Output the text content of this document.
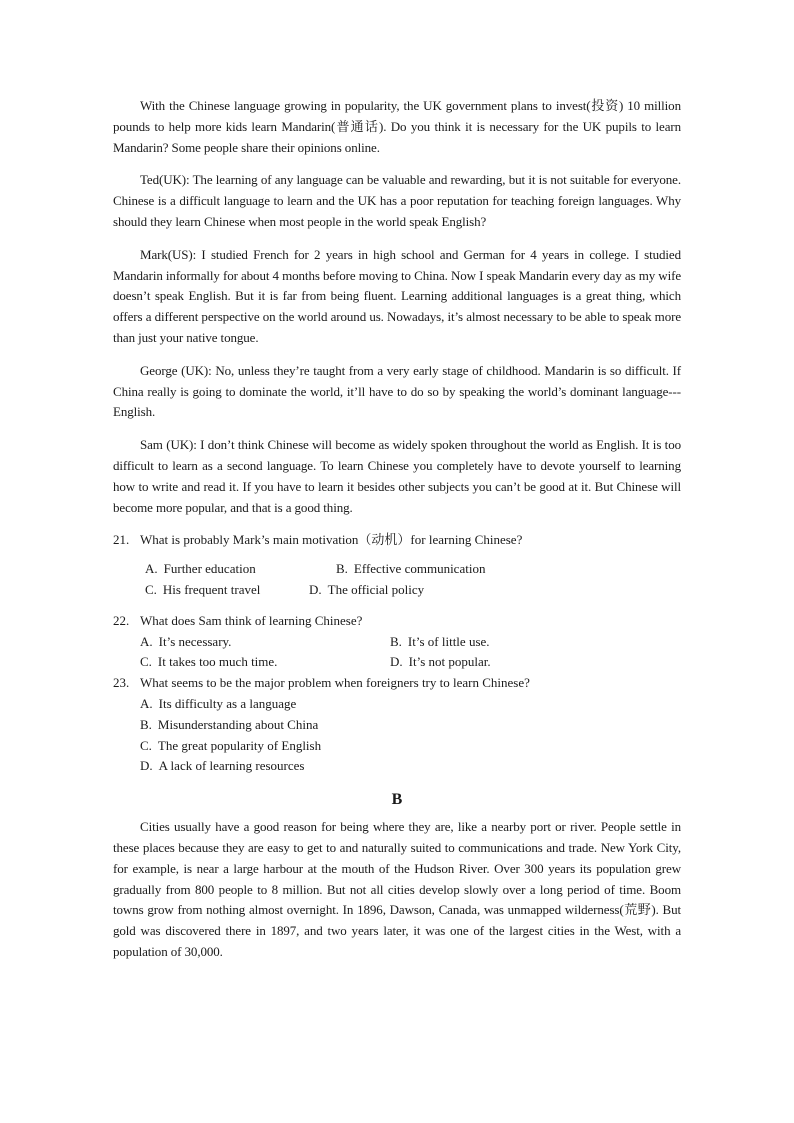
With the Chinese language growing in popularity, the UK government plans to invest(投资) 10 million pounds to help more kids learn Mandarin(普通话). Do you think it is necessary for the UK pupils to learn Mandarin? Some people share their opinions online.

Ted(UK): The learning of any language can be valuable and rewarding, but it is not suitable for everyone. Chinese is a difficult language to learn and the UK has a poor reputation for teaching foreign languages. Why should they learn Chinese when most people in the world speak English?

Mark(US): I studied French for 2 years in high school and German for 4 years in college. I studied Mandarin informally for about 4 months before moving to China. Now I speak Mandarin every day as my wife doesn’t speak English. But it is far from being fluent. Learning additional languages is a great thing, which offers a different perspective on the world around us. Nowadays, it’s almost necessary to be able to speak more than just your native tongue.

George (UK): No, unless they’re taught from a very early stage of childhood. Mandarin is so difficult. If China really is going to dominate the world, it’ll have to do so by speaking the world’s dominant language---English.

Sam (UK): I don’t think Chinese will become as widely spoken throughout the world as English. It is too difficult to learn as a second language. To learn Chinese you completely have to devote yourself to learning how to write and read it. If you have to learn it besides other subjects you can’t be good at it. But Chinese will become more popular, and that is a good thing.

21. What is probably Mark’s main motivation（动机）for learning Chinese?
A. Further education	B. Effective communication
C. His frequent travel	D. The official policy
22. What does Sam think of learning Chinese?
A. It’s necessary.	B. It’s of little use.
C. It takes too much time.	D. It’s not popular.
23. What seems to be the major problem when foreigners try to learn Chinese?
A. Its difficulty as a language
B. Misunderstanding about China
C. The great popularity of English
D. A lack of learning resources
B

Cities usually have a good reason for being where they are, like a nearby port or river. People settle in these places because they are easy to get to and naturally suited to communications and trade. New York City, for example, is near a large harbour at the mouth of the Hudson River. Over 300 years its population grew gradually from 800 people to 8 million. But not all cities develop slowly over a long period of time. Boom towns grow from nothing almost overnight. In 1896, Dawson, Canada, was unmapped wilderness(荒野). But gold was discovered there in 1897, and two years later, it was one of the largest cities in the West, with a population of 30,000.
